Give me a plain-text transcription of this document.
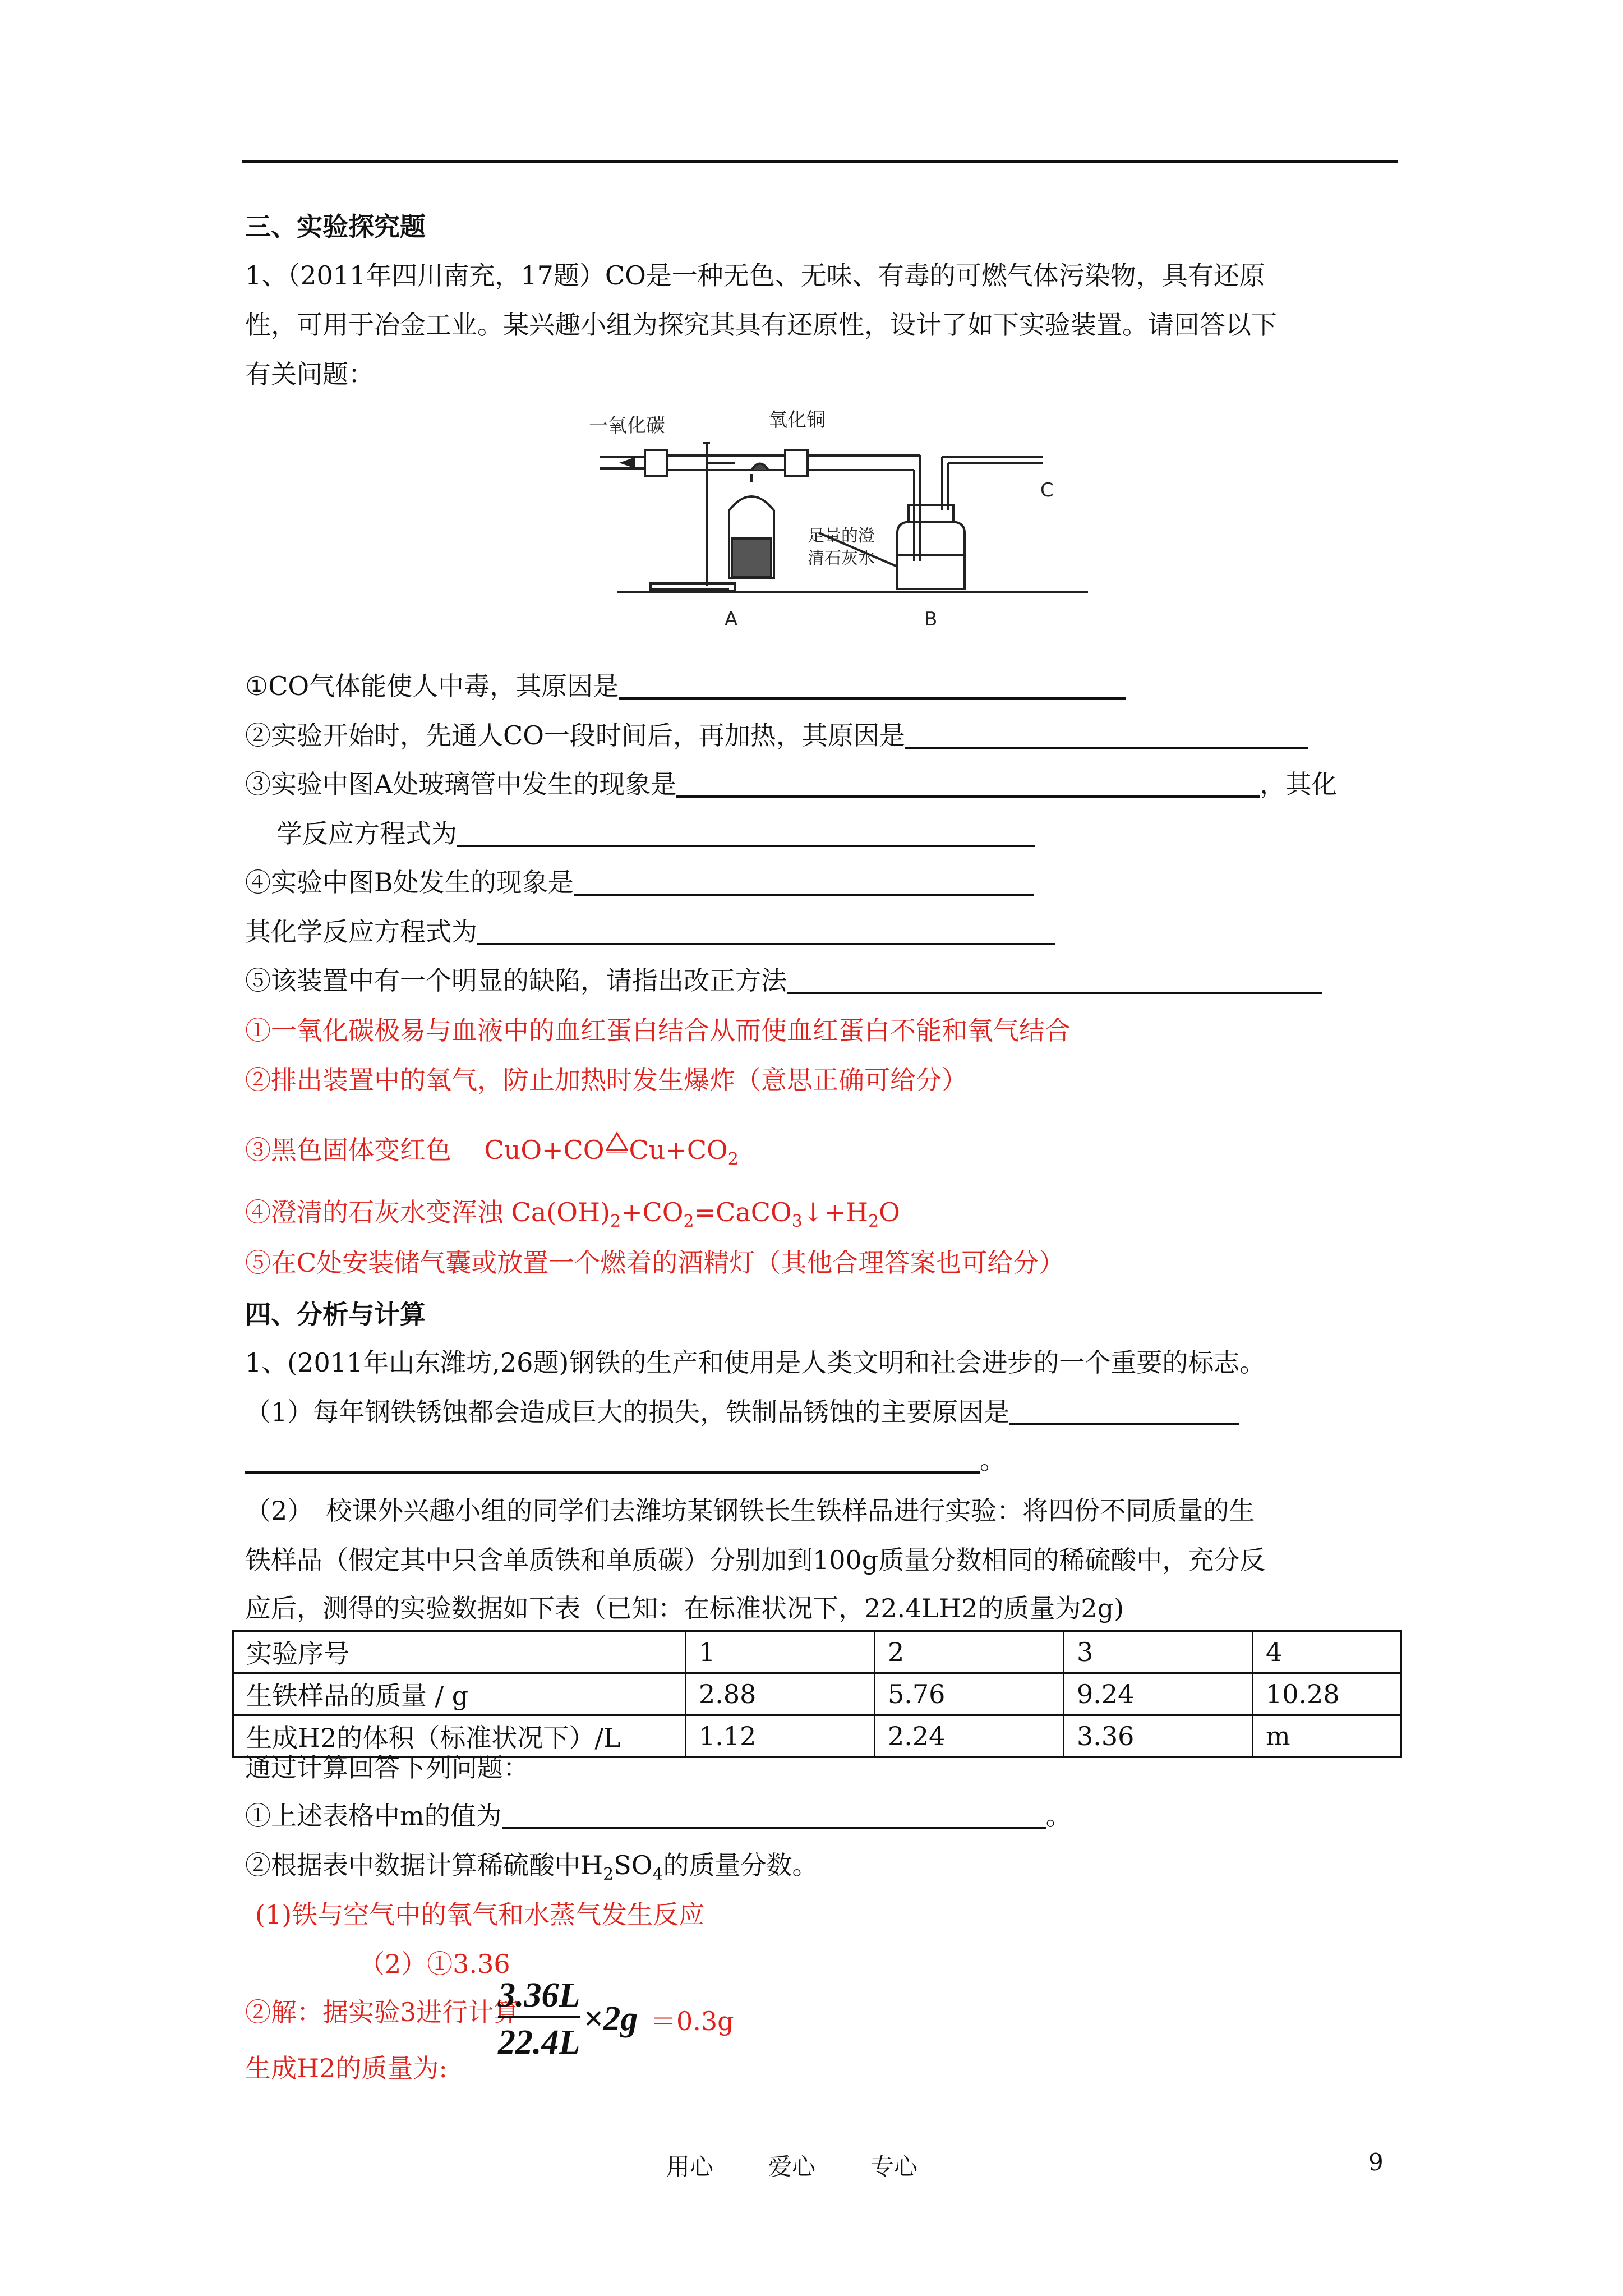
三、实验探究题
1、（2011年四川南充，17题）CO是一种无色、无味、有毒的可燃气体污染物，具有还原
性，可用于冶金工业。某兴趣小组为探究其具有还原性，设计了如下实验装置。请回答以下
有关问题：
一氧化碳	氧化铜
C
足量的澄
清石灰水
A	B
①CO气体能使人中毒，其原因是
②实验开始时，先通人CO一段时间后，再加热，其原因是
③实验中图A处玻璃管中发生的现象是	，其化
学反应方程式为
④实验中图B处发生的现象是
其化学反应方程式为
⑤该装置中有一个明显的缺陷，请指出改正方法
①一氧化碳极易与血液中的血红蛋白结合从而使血红蛋白不能和氧气结合
②排出装置中的氧气，防止加热时发生爆炸（意思正确可给分）
③黑色固体变红色 CuO+CO $Cu+CO_2$
④澄清的石灰水变浑浊 $Ca(OH)_2+CO_2=CaCO_3↓+H_2O$
⑤在C处安装储气囊或放置一个燃着的酒精灯（其他合理答案也可给分）
四、分析与计算
1、(2011年山东潍坊,26题)钢铁的生产和使用是人类文明和社会进步的一个重要的标志。
（1）每年钢铁锈蚀都会造成巨大的损失，铁制品锈蚀的主要原因是
。
（2）　校课外兴趣小组的同学们去潍坊某钢铁长生铁样品进行实验：将四份不同质量的生
铁样品（假定其中只含单质铁和单质碳）分别加到100g质量分数相同的稀硫酸中，充分反
应后，测得的实验数据如下表（已知：在标准状况下，22.4LH2的质量为2g)
实验序号	1	2	3	4
生铁样品的质量 / g	2.88	5.76	9.24	10.28
生成H2的体积（标准状况下）/L	1.12	2.24	3.36	m
通过计算回答下列问题：
①上述表格中m的值为	。
②根据表中数据计算稀硫酸中$H_2SO_4$的质量分数。
(1)铁与空气中的氧气和水蒸气发生反应
（2）①3.36
②解：据实验3进行计算
生成H2的质量为:
3.36L
22.4L
×2g ＝0.3g
用心 爱心 专心	9
